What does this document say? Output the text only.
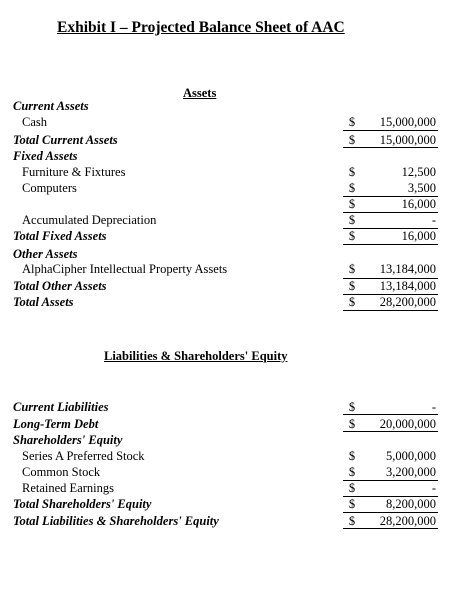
Exhibit I – Projected Balance Sheet of AAC
Assets
Current Assets
Cash	$	15,000,000
Total Current Assets	$	15,000,000
Fixed Assets
Furniture & Fixtures	$	12,500
Computers	$	3,500
$	16,000
Accumulated Depreciation	$	-
Total Fixed Assets	$	16,000
Other Assets
AlphaCipher Intellectual Property Assets	$	13,184,000
Total Other Assets	$	13,184,000
Total Assets	$	28,200,000
Liabilities & Shareholders' Equity
Current Liabilities	$	-
Long-Term Debt	$	20,000,000
Shareholders' Equity
Series A Preferred Stock	$	5,000,000
Common Stock	$	3,200,000
Retained Earnings	$	-
Total Shareholders' Equity	$	8,200,000
Total Liabilities & Shareholders' Equity	$	28,200,000
